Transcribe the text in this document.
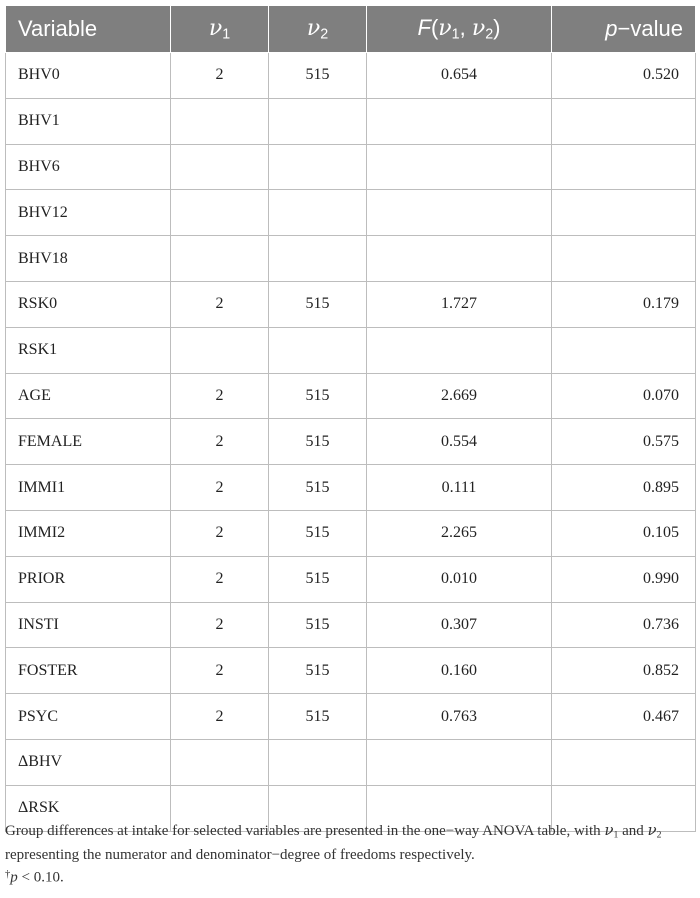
Variable	$\nu_1$	$\nu_2$	$F(\nu_1$, $\nu_2$)	p−value
BHV0	2	515	0.654	0.520
BHV1				
BHV6				
BHV12				
BHV18				
RSK0	2	515	1.727	0.179
RSK1				
AGE	2	515	2.669	0.070
FEMALE	2	515	0.554	0.575
IMMI1	2	515	0.111	0.895
IMMI2	2	515	2.265	0.105
PRIOR	2	515	0.010	0.990
INSTI	2	515	0.307	0.736
FOSTER	2	515	0.160	0.852
PSYC	2	515	0.763	0.467
ΔBHV				
ΔRSK				

Group differences at intake for selected variables are presented in the one−way ANOVA table, with $\nu_1$ and $\nu_2$ representing the numerator and denominator−degree of freedoms respectively.

†p < 0.10.
